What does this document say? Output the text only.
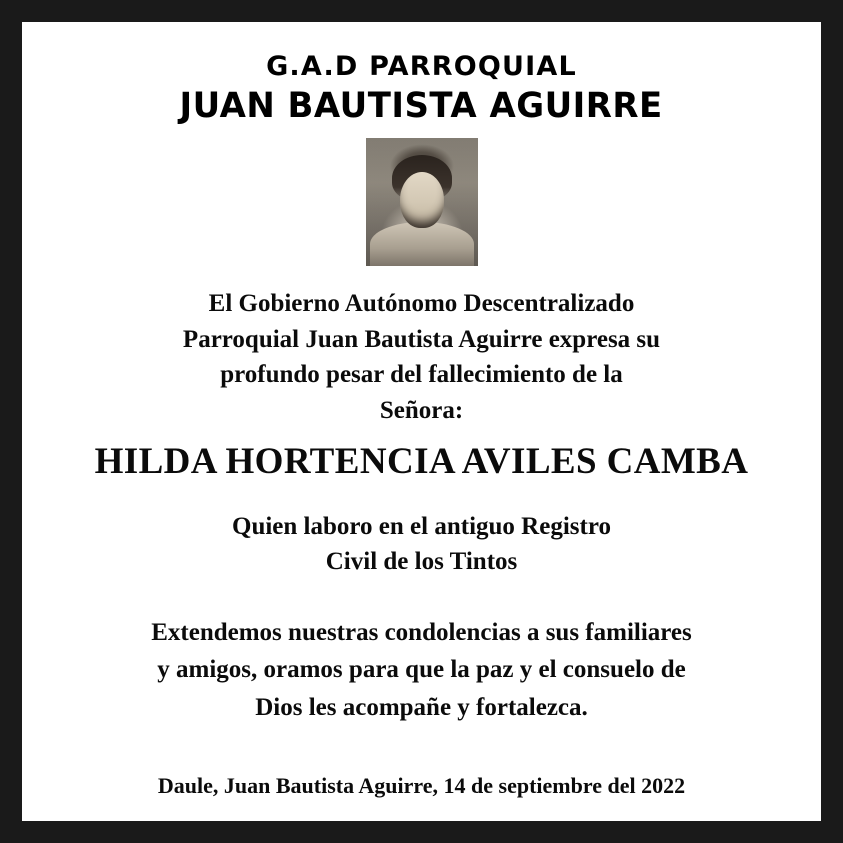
G.A.D PARROQUIAL
JUAN BAUTISTA AGUIRRE
El Gobierno Autónomo Descentralizado
Parroquial Juan Bautista Aguirre expresa su
profundo pesar del fallecimiento de la
Señora:
HILDA HORTENCIA AVILES CAMBA
Quien laboro en el antiguo Registro
Civil de los Tintos
Extendemos nuestras condolencias a sus familiares
y amigos, oramos para que la paz y el consuelo de
Dios les acompañe y fortalezca.
Daule, Juan Bautista Aguirre, 14 de septiembre del 2022
